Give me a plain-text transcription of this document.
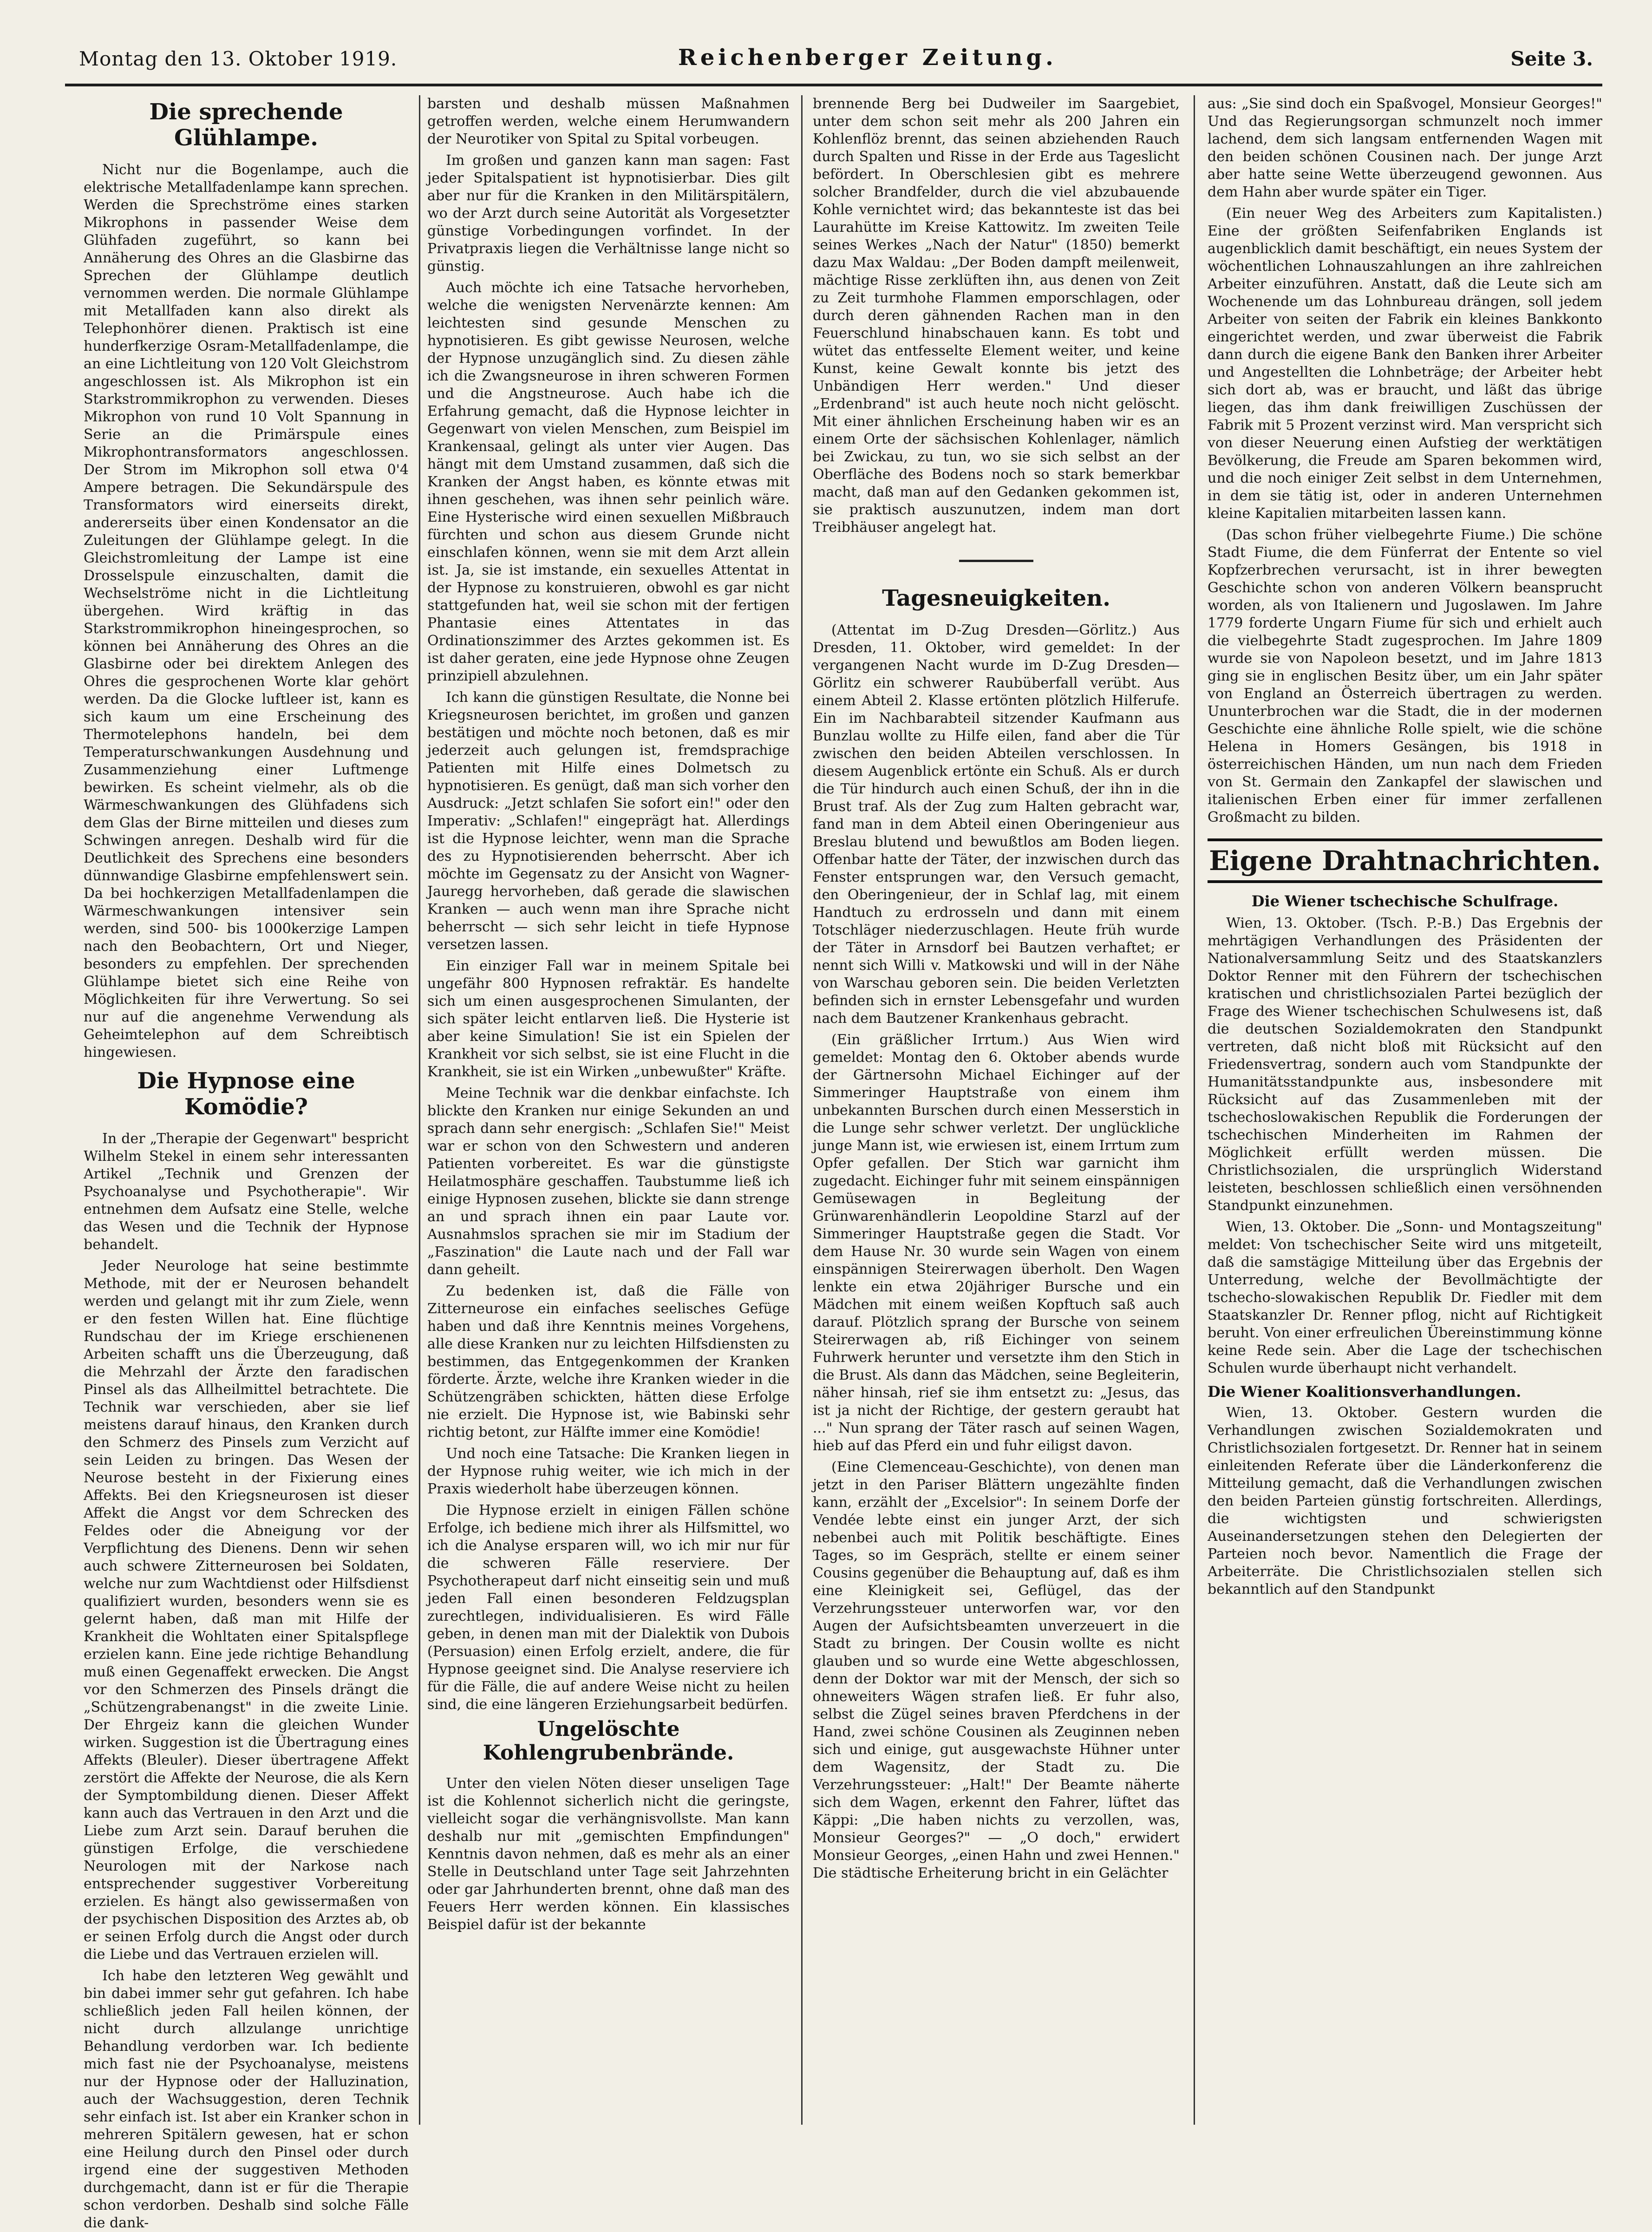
Montag den 13. Oktober 1919.	Reichenberger Zeitung.	Seite 3.
Die sprechende Glühlampe.

Nicht nur die Bogenlampe, auch die elektrische Metallfadenlampe kann sprechen. Werden die Sprechströme eines starken Mikrophons in passender Weise dem Glühfaden zugeführt, so kann bei Annäherung des Ohres an die Glasbirne das Sprechen der Glühlampe deutlich vernommen werden. Die normale Glühlampe mit Metallfaden kann also direkt als Telephonhörer dienen. Praktisch ist eine hunderfkerzige Osram-Metallfadenlampe, die an eine Lichtleitung von 120 Volt Gleichstrom angeschlossen ist. Als Mikrophon ist ein Starkstrommikrophon zu verwenden. Dieses Mikrophon von rund 10 Volt Spannung in Serie an die Primärspule eines Mikrophontransformators angeschlossen. Der Strom im Mikrophon soll etwa 0'4 Ampere betragen. Die Sekundärspule des Transformators wird einerseits direkt, andererseits über einen Kondensator an die Zuleitungen der Glühlampe gelegt. In die Gleichstromleitung der Lampe ist eine Drosselspule einzuschalten, damit die Wechselströme nicht in die Lichtleitung übergehen. Wird kräftig in das Starkstrommikrophon hineingesprochen, so können bei Annäherung des Ohres an die Glasbirne oder bei direktem Anlegen des Ohres die gesprochenen Worte klar gehört werden. Da die Glocke luftleer ist, kann es sich kaum um eine Erscheinung des Thermotelephons handeln, bei dem Temperaturschwankungen Ausdehnung und Zusammenziehung einer Luftmenge bewirken. Es scheint vielmehr, als ob die Wärmeschwankungen des Glühfadens sich dem Glas der Birne mitteilen und dieses zum Schwingen anregen. Deshalb wird für die Deutlichkeit des Sprechens eine besonders dünnwandige Glasbirne empfehlenswert sein. Da bei hochkerzigen Metallfadenlampen die Wärmeschwankungen intensiver sein werden, sind 500- bis 1000kerzige Lampen nach den Beobachtern, Ort und Nieger, besonders zu empfehlen. Der sprechenden Glühlampe bietet sich eine Reihe von Möglichkeiten für ihre Verwertung. So sei nur auf die angenehme Verwendung als Geheimtelephon auf dem Schreibtisch hingewiesen.

Die Hypnose eine Komödie?

In der „Therapie der Gegenwart" bespricht Wilhelm Stekel in einem sehr interessanten Artikel „Technik und Grenzen der Psychoanalyse und Psychotherapie". Wir entnehmen dem Aufsatz eine Stelle, welche das Wesen und die Technik der Hypnose behandelt.

Jeder Neurologe hat seine bestimmte Methode, mit der er Neurosen behandelt werden und gelangt mit ihr zum Ziele, wenn er den festen Willen hat. Eine flüchtige Rundschau der im Kriege erschienenen Arbeiten schafft uns die Überzeugung, daß die Mehrzahl der Ärzte den faradischen Pinsel als das Allheilmittel betrachtete. Die Technik war verschieden, aber sie lief meistens darauf hinaus, den Kranken durch den Schmerz des Pinsels zum Verzicht auf sein Leiden zu bringen. Das Wesen der Neurose besteht in der Fixierung eines Affekts. Bei den Kriegsneurosen ist dieser Affekt die Angst vor dem Schrecken des Feldes oder die Abneigung vor der Verpflichtung des Dienens. Denn wir sehen auch schwere Zitterneurosen bei Soldaten, welche nur zum Wachtdienst oder Hilfsdienst qualifiziert wurden, besonders wenn sie es gelernt haben, daß man mit Hilfe der Krankheit die Wohltaten einer Spitalspflege erzielen kann. Eine jede richtige Behandlung muß einen Gegenaffekt erwecken. Die Angst vor den Schmerzen des Pinsels drängt die „Schützengrabenangst" in die zweite Linie. Der Ehrgeiz kann die gleichen Wunder wirken. Suggestion ist die Übertragung eines Affekts (Bleuler). Dieser übertragene Affekt zerstört die Affekte der Neurose, die als Kern der Symptombildung dienen. Dieser Affekt kann auch das Vertrauen in den Arzt und die Liebe zum Arzt sein. Darauf beruhen die günstigen Erfolge, die verschiedene Neurologen mit der Narkose nach entsprechender suggestiver Vorbereitung erzielen. Es hängt also gewissermaßen von der psychischen Disposition des Arztes ab, ob er seinen Erfolg durch die Angst oder durch die Liebe und das Vertrauen erzielen will.

Ich habe den letzteren Weg gewählt und bin dabei immer sehr gut gefahren. Ich habe schließlich jeden Fall heilen können, der nicht durch allzulange unrichtige Behandlung verdorben war. Ich bediente mich fast nie der Psychoanalyse, meistens nur der Hypnose oder der Halluzination, auch der Wachsuggestion, deren Technik sehr einfach ist. Ist aber ein Kranker schon in mehreren Spitälern gewesen, hat er schon eine Heilung durch den Pinsel oder durch irgend eine der suggestiven Methoden durchgemacht, dann ist er für die Therapie schon verdorben. Deshalb sind solche Fälle die dank-

barsten und deshalb müssen Maßnahmen getroffen werden, welche einem Herumwandern der Neurotiker von Spital zu Spital vorbeugen.

Im großen und ganzen kann man sagen: Fast jeder Spitalspatient ist hypnotisierbar. Dies gilt aber nur für die Kranken in den Militärspitälern, wo der Arzt durch seine Autorität als Vorgesetzter günstige Vorbedingungen vorfindet. In der Privatpraxis liegen die Verhältnisse lange nicht so günstig.

Auch möchte ich eine Tatsache hervorheben, welche die wenigsten Nervenärzte kennen: Am leichtesten sind gesunde Menschen zu hypnotisieren. Es gibt gewisse Neurosen, welche der Hypnose unzugänglich sind. Zu diesen zähle ich die Zwangsneurose in ihren schweren Formen und die Angstneurose. Auch habe ich die Erfahrung gemacht, daß die Hypnose leichter in Gegenwart von vielen Menschen, zum Beispiel im Krankensaal, gelingt als unter vier Augen. Das hängt mit dem Umstand zusammen, daß sich die Kranken der Angst haben, es könnte etwas mit ihnen geschehen, was ihnen sehr peinlich wäre. Eine Hysterische wird einen sexuellen Mißbrauch fürchten und schon aus diesem Grunde nicht einschlafen können, wenn sie mit dem Arzt allein ist. Ja, sie ist imstande, ein sexuelles Attentat in der Hypnose zu konstruieren, obwohl es gar nicht stattgefunden hat, weil sie schon mit der fertigen Phantasie eines Attentates in das Ordinationszimmer des Arztes gekommen ist. Es ist daher geraten, eine jede Hypnose ohne Zeugen prinzipiell abzulehnen.

Ich kann die günstigen Resultate, die Nonne bei Kriegsneurosen berichtet, im großen und ganzen bestätigen und möchte noch betonen, daß es mir jederzeit auch gelungen ist, fremdsprachige Patienten mit Hilfe eines Dolmetsch zu hypnotisieren. Es genügt, daß man sich vorher den Ausdruck: „Jetzt schlafen Sie sofort ein!" oder den Imperativ: „Schlafen!" eingeprägt hat. Allerdings ist die Hypnose leichter, wenn man die Sprache des zu Hypnotisierenden beherrscht. Aber ich möchte im Gegensatz zu der Ansicht von Wagner-Jauregg hervorheben, daß gerade die slawischen Kranken — auch wenn man ihre Sprache nicht beherrscht — sich sehr leicht in tiefe Hypnose versetzen lassen.

Ein einziger Fall war in meinem Spitale bei ungefähr 800 Hypnosen refraktär. Es handelte sich um einen ausgesprochenen Simulanten, der sich später leicht entlarven ließ. Die Hysterie ist aber keine Simulation! Sie ist ein Spielen der Krankheit vor sich selbst, sie ist eine Flucht in die Krankheit, sie ist ein Wirken „unbewußter" Kräfte.

Meine Technik war die denkbar einfachste. Ich blickte den Kranken nur einige Sekunden an und sprach dann sehr energisch: „Schlafen Sie!" Meist war er schon von den Schwestern und anderen Patienten vorbereitet. Es war die günstigste Heilatmosphäre geschaffen. Taubstumme ließ ich einige Hypnosen zusehen, blickte sie dann strenge an und sprach ihnen ein paar Laute vor. Ausnahmslos sprachen sie mir im Stadium der „Faszination" die Laute nach und der Fall war dann geheilt.

Zu bedenken ist, daß die Fälle von Zitterneurose ein einfaches seelisches Gefüge haben und daß ihre Kenntnis meines Vorgehens, alle diese Kranken nur zu leichten Hilfsdiensten zu bestimmen, das Entgegenkommen der Kranken förderte. Ärzte, welche ihre Kranken wieder in die Schützengräben schickten, hätten diese Erfolge nie erzielt. Die Hypnose ist, wie Babinski sehr richtig betont, zur Hälfte immer eine Komödie!

Und noch eine Tatsache: Die Kranken liegen in der Hypnose ruhig weiter, wie ich mich in der Praxis wiederholt habe überzeugen können.

Die Hypnose erzielt in einigen Fällen schöne Erfolge, ich bediene mich ihrer als Hilfsmittel, wo ich die Analyse ersparen will, wo ich mir nur für die schweren Fälle reserviere. Der Psychotherapeut darf nicht einseitig sein und muß jeden Fall einen besonderen Feldzugsplan zurechtlegen, individualisieren. Es wird Fälle geben, in denen man mit der Dialektik von Dubois (Persuasion) einen Erfolg erzielt, andere, die für Hypnose geeignet sind. Die Analyse reserviere ich für die Fälle, die auf andere Weise nicht zu heilen sind, die eine längeren Erziehungsarbeit bedürfen.

Ungelöschte Kohlengrubenbrände.

Unter den vielen Nöten dieser unseligen Tage ist die Kohlennot sicherlich nicht die geringste, vielleicht sogar die verhängnisvollste. Man kann deshalb nur mit „gemischten Empfindungen" Kenntnis davon nehmen, daß es mehr als an einer Stelle in Deutschland unter Tage seit Jahrzehnten oder gar Jahrhunderten brennt, ohne daß man des Feuers Herr werden können. Ein klassisches Beispiel dafür ist der bekannte

brennende Berg bei Dudweiler im Saargebiet, unter dem schon seit mehr als 200 Jahren ein Kohlenflöz brennt, das seinen abziehenden Rauch durch Spalten und Risse in der Erde aus Tageslicht befördert. In Oberschlesien gibt es mehrere solcher Brandfelder, durch die viel abzubauende Kohle vernichtet wird; das bekannteste ist das bei Laurahütte im Kreise Kattowitz. Im zweiten Teile seines Werkes „Nach der Natur" (1850) bemerkt dazu Max Waldau: „Der Boden dampft meilenweit, mächtige Risse zerklüften ihn, aus denen von Zeit zu Zeit turmhohe Flammen emporschlagen, oder durch deren gähnenden Rachen man in den Feuerschlund hinabschauen kann. Es tobt und wütet das entfesselte Element weiter, und keine Kunst, keine Gewalt konnte bis jetzt des Unbändigen Herr werden." Und dieser „Erdenbrand" ist auch heute noch nicht gelöscht. Mit einer ähnlichen Erscheinung haben wir es an einem Orte der sächsischen Kohlenlager, nämlich bei Zwickau, zu tun, wo sie sich selbst an der Oberfläche des Bodens noch so stark bemerkbar macht, daß man auf den Gedanken gekommen ist, sie praktisch auszunutzen, indem man dort Treibhäuser angelegt hat.

Tagesneuigkeiten.

(Attentat im D-Zug Dresden—Görlitz.) Aus Dresden, 11. Oktober, wird gemeldet: In der vergangenen Nacht wurde im D-Zug Dresden—Görlitz ein schwerer Raubüberfall verübt. Aus einem Abteil 2. Klasse ertönten plötzlich Hilferufe. Ein im Nachbarabteil sitzender Kaufmann aus Bunzlau wollte zu Hilfe eilen, fand aber die Tür zwischen den beiden Abteilen verschlossen. In diesem Augenblick ertönte ein Schuß. Als er durch die Tür hindurch auch einen Schuß, der ihn in die Brust traf. Als der Zug zum Halten gebracht war, fand man in dem Abteil einen Oberingenieur aus Breslau blutend und bewußtlos am Boden liegen. Offenbar hatte der Täter, der inzwischen durch das Fenster entsprungen war, den Versuch gemacht, den Oberingenieur, der in Schlaf lag, mit einem Handtuch zu erdrosseln und dann mit einem Totschläger niederzuschlagen. Heute früh wurde der Täter in Arnsdorf bei Bautzen verhaftet; er nennt sich Willi v. Matkowski und will in der Nähe von Warschau geboren sein. Die beiden Verletzten befinden sich in ernster Lebensgefahr und wurden nach dem Bautzener Krankenhaus gebracht.

(Ein gräßlicher Irrtum.) Aus Wien wird gemeldet: Montag den 6. Oktober abends wurde der Gärtnersohn Michael Eichinger auf der Simmeringer Hauptstraße von einem ihm unbekannten Burschen durch einen Messerstich in die Lunge sehr schwer verletzt. Der unglückliche junge Mann ist, wie erwiesen ist, einem Irrtum zum Opfer gefallen. Der Stich war garnicht ihm zugedacht. Eichinger fuhr mit seinem einspännigen Gemüsewagen in Begleitung der Grünwarenhändlerin Leopoldine Starzl auf der Simmeringer Hauptstraße gegen die Stadt. Vor dem Hause Nr. 30 wurde sein Wagen von einem einspännigen Steirerwagen überholt. Den Wagen lenkte ein etwa 20jähriger Bursche und ein Mädchen mit einem weißen Kopftuch saß auch darauf. Plötzlich sprang der Bursche von seinem Steirerwagen ab, riß Eichinger von seinem Fuhrwerk herunter und versetzte ihm den Stich in die Brust. Als dann das Mädchen, seine Begleiterin, näher hinsah, rief sie ihm entsetzt zu: „Jesus, das ist ja nicht der Richtige, der gestern geraubt hat ..." Nun sprang der Täter rasch auf seinen Wagen, hieb auf das Pferd ein und fuhr eiligst davon.

(Eine Clemenceau-Geschichte), von denen man jetzt in den Pariser Blättern ungezählte finden kann, erzählt der „Excelsior": In seinem Dorfe der Vendée lebte einst ein junger Arzt, der sich nebenbei auch mit Politik beschäftigte. Eines Tages, so im Gespräch, stellte er einem seiner Cousins gegenüber die Behauptung auf, daß es ihm eine Kleinigkeit sei, Geflügel, das der Verzehrungssteuer unterworfen war, vor den Augen der Aufsichtsbeamten unverzeuert in die Stadt zu bringen. Der Cousin wollte es nicht glauben und so wurde eine Wette abgeschlossen, denn der Doktor war mit der Mensch, der sich so ohneweiters Wägen strafen ließ. Er fuhr also, selbst die Zügel seines braven Pferdchens in der Hand, zwei schöne Cousinen als Zeuginnen neben sich und einige, gut ausgewachste Hühner unter dem Wagensitz, der Stadt zu. Die Verzehrungssteuer: „Halt!" Der Beamte näherte sich dem Wagen, erkennt den Fahrer, lüftet das Käppi: „Die haben nichts zu verzollen, was, Monsieur Georges?" — „O doch," erwidert Monsieur Georges, „einen Hahn und zwei Hennen." Die städtische Erheiterung bricht in ein Gelächter

aus: „Sie sind doch ein Spaßvogel, Monsieur Georges!" Und das Regierungsorgan schmunzelt noch immer lachend, dem sich langsam entfernenden Wagen mit den beiden schönen Cousinen nach. Der junge Arzt aber hatte seine Wette überzeugend gewonnen. Aus dem Hahn aber wurde später ein Tiger.

(Ein neuer Weg des Arbeiters zum Kapitalisten.) Eine der größten Seifenfabriken Englands ist augenblicklich damit beschäftigt, ein neues System der wöchentlichen Lohnauszahlungen an ihre zahlreichen Arbeiter einzuführen. Anstatt, daß die Leute sich am Wochenende um das Lohnbureau drängen, soll jedem Arbeiter von seiten der Fabrik ein kleines Bankkonto eingerichtet werden, und zwar überweist die Fabrik dann durch die eigene Bank den Banken ihrer Arbeiter und Angestellten die Lohnbeträge; der Arbeiter hebt sich dort ab, was er braucht, und läßt das übrige liegen, das ihm dank freiwilligen Zuschüssen der Fabrik mit 5 Prozent verzinst wird. Man verspricht sich von dieser Neuerung einen Aufstieg der werktätigen Bevölkerung, die Freude am Sparen bekommen wird, und die noch einiger Zeit selbst in dem Unternehmen, in dem sie tätig ist, oder in anderen Unternehmen kleine Kapitalien mitarbeiten lassen kann.

(Das schon früher vielbegehrte Fiume.) Die schöne Stadt Fiume, die dem Fünferrat der Entente so viel Kopfzerbrechen verursacht, ist in ihrer bewegten Geschichte schon von anderen Völkern beansprucht worden, als von Italienern und Jugoslawen. Im Jahre 1779 forderte Ungarn Fiume für sich und erhielt auch die vielbegehrte Stadt zugesprochen. Im Jahre 1809 wurde sie von Napoleon besetzt, und im Jahre 1813 ging sie in englischen Besitz über, um ein Jahr später von England an Österreich übertragen zu werden. Ununterbrochen war die Stadt, die in der modernen Geschichte eine ähnliche Rolle spielt, wie die schöne Helena in Homers Gesängen, bis 1918 in österreichischen Händen, um nun nach dem Frieden von St. Germain den Zankapfel der slawischen und italienischen Erben einer für immer zerfallenen Großmacht zu bilden.

Eigene Drahtnachrichten.
Die Wiener tschechische Schulfrage.

Wien, 13. Oktober. (Tsch. P.-B.) Das Ergebnis der mehrtägigen Verhandlungen des Präsidenten der Nationalversammlung Seitz und des Staatskanzlers Doktor Renner mit den Führern der tschechischen kratischen und christlichsozialen Partei bezüglich der Frage des Wiener tschechischen Schulwesens ist, daß die deutschen Sozialdemokraten den Standpunkt vertreten, daß nicht bloß mit Rücksicht auf den Friedensvertrag, sondern auch vom Standpunkte der Humanitätsstandpunkte aus, insbesondere mit Rücksicht auf das Zusammenleben mit der tschechoslowakischen Republik die Forderungen der tschechischen Minderheiten im Rahmen der Möglichkeit erfüllt werden müssen. Die Christlichsozialen, die ursprünglich Widerstand leisteten, beschlossen schließlich einen versöhnenden Standpunkt einzunehmen.

Wien, 13. Oktober. Die „Sonn- und Montagszeitung" meldet: Von tschechischer Seite wird uns mitgeteilt, daß die samstägige Mitteilung über das Ergebnis der Unterredung, welche der Bevollmächtigte der tschecho-slowakischen Republik Dr. Fiedler mit dem Staatskanzler Dr. Renner pflog, nicht auf Richtigkeit beruht. Von einer erfreulichen Übereinstimmung könne keine Rede sein. Aber die Lage der tschechischen Schulen wurde überhaupt nicht verhandelt.

Die Wiener Koalitionsverhandlungen.

Wien, 13. Oktober. Gestern wurden die Verhandlungen zwischen Sozialdemokraten und Christlichsozialen fortgesetzt. Dr. Renner hat in seinem einleitenden Referate über die Länderkonferenz die Mitteilung gemacht, daß die Verhandlungen zwischen den beiden Parteien günstig fortschreiten. Allerdings, die wichtigsten und schwierigsten Auseinandersetzungen stehen den Delegierten der Parteien noch bevor. Namentlich die Frage der Arbeiterräte. Die Christlichsozialen stellen sich bekanntlich auf den Standpunkt
